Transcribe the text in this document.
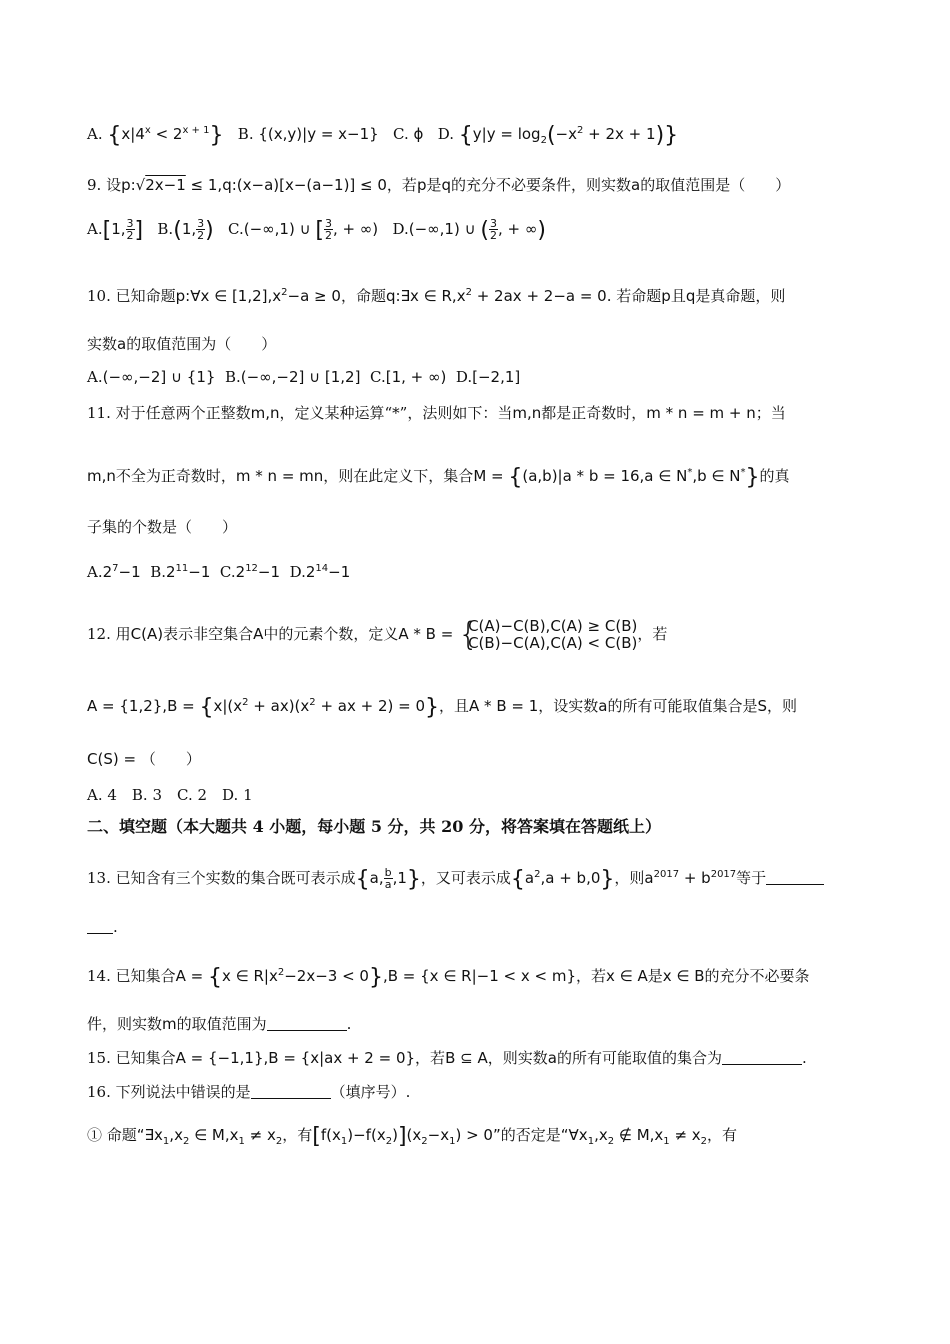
A. $\{x|4^x < 2^{x + 1}\}$ B. {(x,y)|y = x−1} C. ϕ D. $\{y|y = \log_2(-x^2 + 2x + 1)\}$
9. 设p:√2x−1 ≤ 1,q:(x−a)[x−(a−1)] ≤ 0，若p是q的充分不必要条件，则实数a的取值范围是（　　）
A.[1, $\frac{3}{2}$ ]   B.(1, $\frac{3}{2}$ )   C.(−∞,1) ∪ [ $\frac{3}{2}$ , + ∞)   D.(−∞,1) ∪ ( $\frac{3}{2}$ , + ∞)
10. 已知命题p:∀x ∈ $[1,2],x^2-a \ge 0$，命题q:∃x ∈ $R,x^2 + 2ax + 2-a = 0$. 若命题p且q是真命题，则
实数a的取值范围为（　　）
A.(−∞,−2] ∪ {1}  B.(−∞,−2] ∪ [1,2]  C.[1, + ∞)  D.[−2,1]
11. 对于任意两个正整数m,n，定义某种运算“*”，法则如下：当m,n都是正奇数时，m * n = m + n；当
m,n不全为正奇数时，m * n = mn，则在此定义下，集合M = {(a,b)|a * b = 16,a ∈ N*,b ∈ N*}的真
子集的个数是（　　）
$A.2^7-1$  $B.2^{11}-1$  $C.2^{12}-1$  $D.2^{14}-1$
12. 用C(A)表示非空集合A中的元素个数，定义A * B = {
C(A)−C(B),C(A) ≥ C(B)
C(B)−C(A),C(A) < C(B)，若
$A = \{1,2\},B = \{x|(x^2 + ax)(x^2$ + ax + 2) = 0}，且A * B = 1，设实数a的所有可能取值集合是S，则
C(S) = （　　）
A. 4　B. 3　C. 2　D. 1
二、填空题（本大题共 4 小题，每小题 5 分，共 20 分，将答案填在答题纸上）
13. 已知含有三个实数的集合既可表示成{a, $\frac{b}{a} ,1$}，又可表示成$\{a^2,a + b,0\}$，则$a^{2017} + b^{2017}$等于
.
14. 已知集合A = {x ∈ $R|x^2-2x-3 < 0\},B = \{x$ ∈ R|−1 < x < m}，若x ∈ A是x ∈ B的充分不必要条
件，则实数m的取值范围为	.
15. 已知集合A = {−1,1},B = {x|ax + 2 = 0}，若B ⊆ A，则实数a的所有可能取值的集合为	.
16. 下列说法中错误的是	（填序号）.
① 命题“$\exists x_1,x_2$ ∈ $M,x_1 \ne x_2$，有$[f(x_1)-f(x_2)](x_2-x_1) > 0$”的否定是“$\forall x_1,x_2$ ∉ $M,x_1 \ne x_2$，有
